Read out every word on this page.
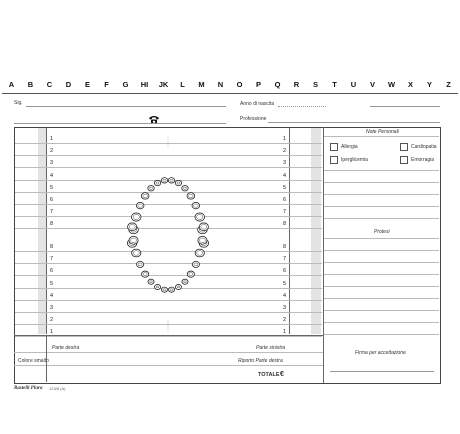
A	B	C	D	E	F	G	HI	JK	L	M	N	O	P	Q	R	S	T	U	V	W	X	Y	Z
Sig.	Anno di nascita
Professione
1	1
2	2
3	3
4	4
5	5
6	6
7	7
8	8
8	8
7	7
6	6
5	5
4	4
3	3
2	2
1	1
Parte destra	Parte sinistra
Colore smalto	Riporto Parte destra
TOTALE €
Note Personali
Allergia	Cardiopatia
Iperglicemia	Emorragia
Protesi
Firma per accettazione
Rastelli Plura 123/8 (A)
